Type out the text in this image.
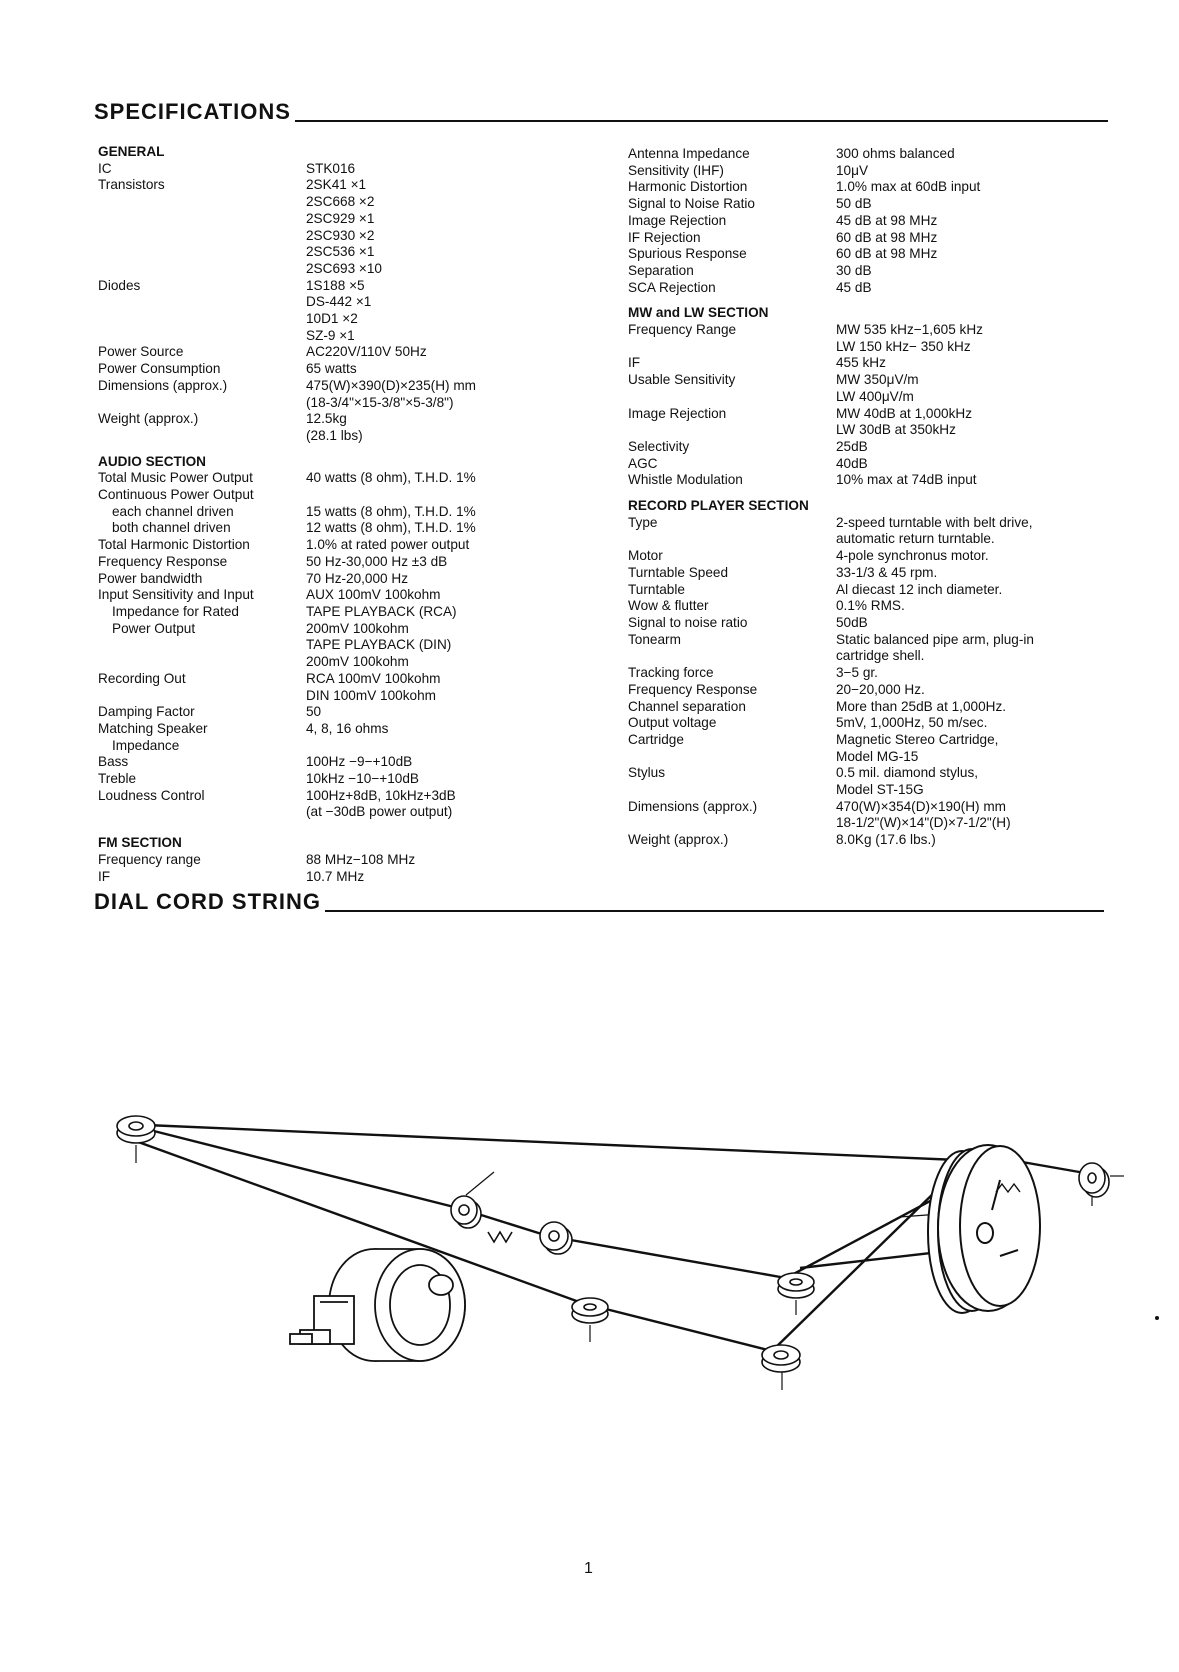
SPECIFICATIONS
GENERAL
IC	STK016
Transistors	2SK41 ×1
2SC668 ×2
2SC929 ×1
2SC930 ×2
2SC536 ×1
2SC693 ×10
Diodes	1S188 ×5
DS-442 ×1
10D1 ×2
SZ-9 ×1
Power Source	AC220V/110V 50Hz
Power Consumption	65 watts
Dimensions (approx.)	475(W)×390(D)×235(H) mm
(18-3/4"×15-3/8"×5-3/8")
Weight (approx.)	12.5kg
(28.1 lbs)
AUDIO SECTION
Total Music Power Output	40 watts (8 ohm), T.H.D. 1%
Continuous Power Output
each channel driven	15 watts (8 ohm), T.H.D. 1%
both channel driven	12 watts (8 ohm), T.H.D. 1%
Total Harmonic Distortion	1.0% at rated power output
Frequency Response	50 Hz-30,000 Hz ±3 dB
Power bandwidth	70 Hz-20,000 Hz
Input Sensitivity and Input	AUX 100mV 100kohm
Impedance for Rated	TAPE PLAYBACK (RCA)
Power Output	200mV 100kohm
TAPE PLAYBACK (DIN)
200mV 100kohm
Recording Out	RCA 100mV 100kohm
DIN 100mV 100kohm
Damping Factor	50
Matching Speaker	4, 8, 16 ohms
Impedance
Bass	100Hz −9−+10dB
Treble	10kHz −10−+10dB
Loudness Control	100Hz+8dB, 10kHz+3dB
(at −30dB power output)
FM SECTION
Frequency range	88 MHz−108 MHz
IF	10.7 MHz
Antenna Impedance	300 ohms balanced
Sensitivity (IHF)	10μV
Harmonic Distortion	1.0% max at 60dB input
Signal to Noise Ratio	50 dB
Image Rejection	45 dB at 98 MHz
IF Rejection	60 dB at 98 MHz
Spurious Response	60 dB at 98 MHz
Separation	30 dB
SCA Rejection	45 dB
MW and LW SECTION
Frequency Range	MW 535 kHz−1,605 kHz
LW 150 kHz− 350 kHz
IF	455 kHz
Usable Sensitivity	MW 350μV/m
LW 400μV/m
Image Rejection	MW 40dB at 1,000kHz
LW 30dB at 350kHz
Selectivity	25dB
AGC	40dB
Whistle Modulation	10% max at 74dB input
RECORD PLAYER SECTION
Type	2-speed turntable with belt drive,
automatic return turntable.
Motor	4-pole synchronus motor.
Turntable Speed	33-1/3 & 45 rpm.
Turntable	Al diecast 12 inch diameter.
Wow & flutter	0.1% RMS.
Signal to noise ratio	50dB
Tonearm	Static balanced pipe arm, plug-in
cartridge shell.
Tracking force	3−5 gr.
Frequency Response	20−20,000 Hz.
Channel separation	More than 25dB at 1,000Hz.
Output voltage	5mV, 1,000Hz, 50 m/sec.
Cartridge	Magnetic Stereo Cartridge,
Model MG-15
Stylus	0.5 mil. diamond stylus,
Model ST-15G
Dimensions (approx.)	470(W)×354(D)×190(H) mm
18-1/2"(W)×14"(D)×7-1/2"(H)
Weight (approx.)	8.0Kg (17.6 lbs.)
DIAL CORD STRING
1
